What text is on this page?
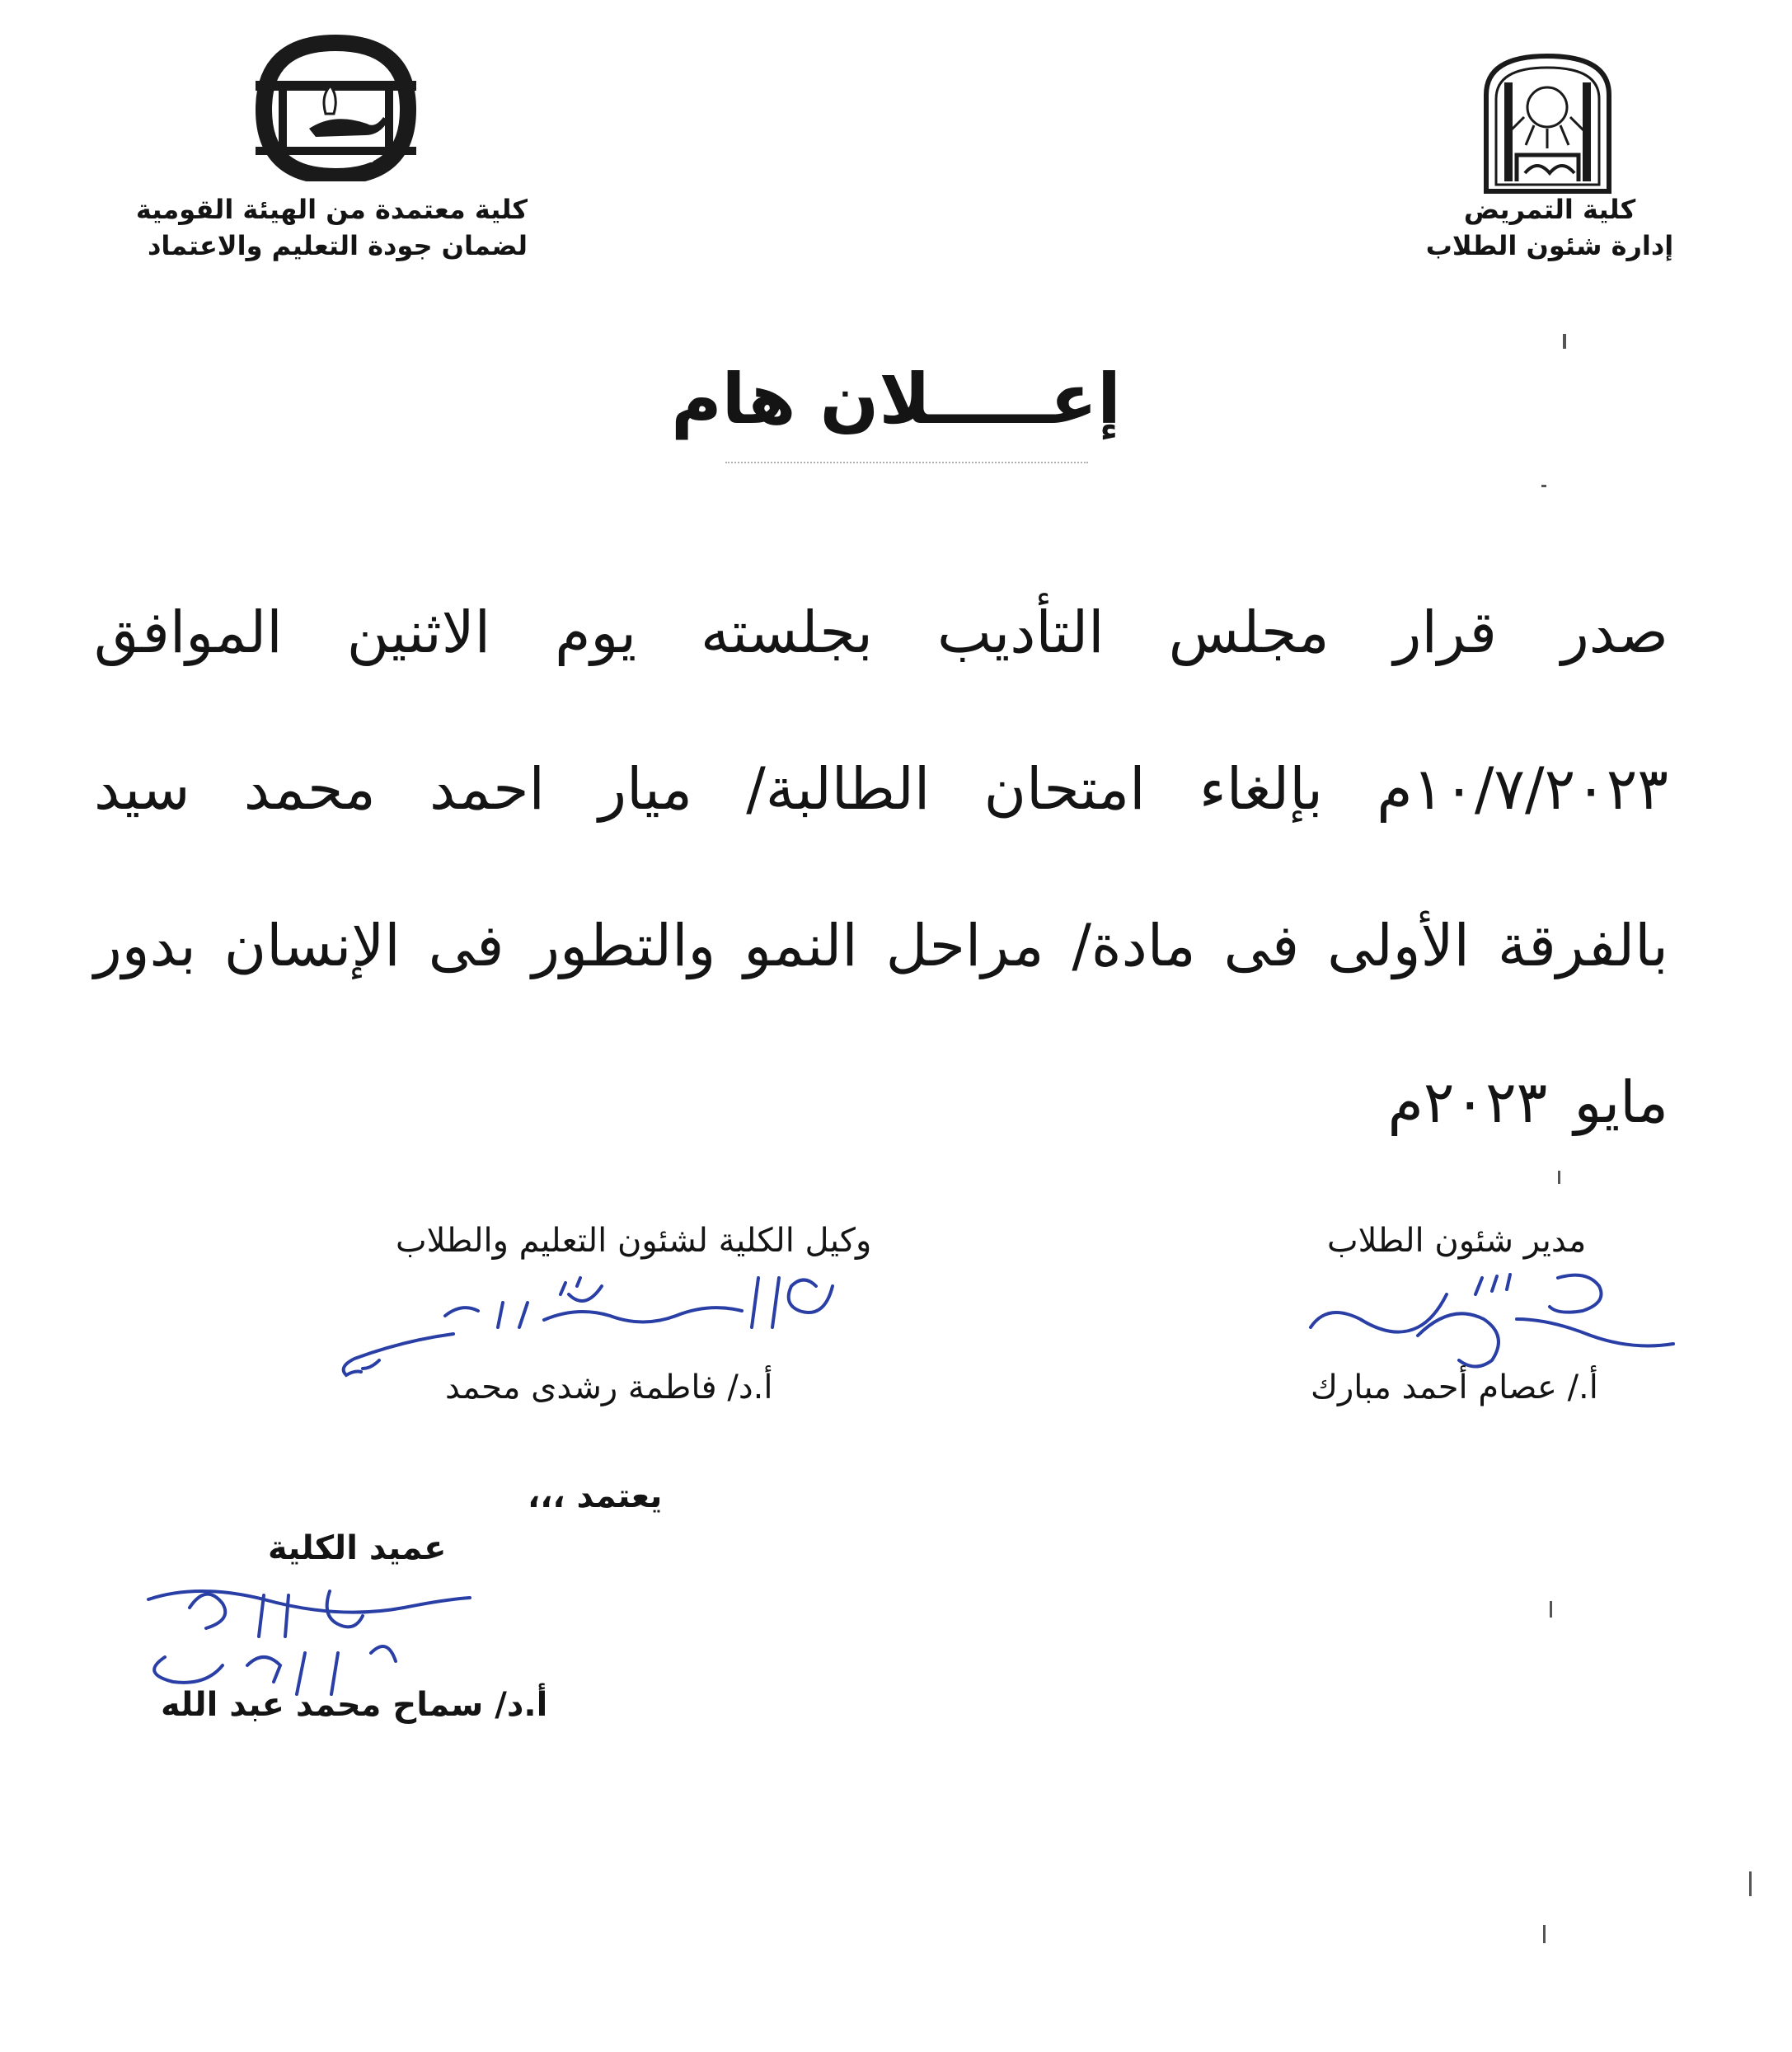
كلية التمريض
إدارة شئون الطلاب
كلية معتمدة من الهيئة القومية
لضمان جودة التعليم والاعتماد
إعـــــلان هام
صدر قرار مجلس التأديب بجلسته يوم الاثنين الموافق ١٠/٧/٢٠٢٣م بإلغاء امتحان الطالبة/ ميار احمد محمد سيد بالفرقة الأولى فى مادة/ مراحل النمو والتطور فى الإنسان بدور مايو ٢٠٢٣م
مدير شئون الطلاب
أ./ عصام أحمد مبارك
وكيل الكلية لشئون التعليم والطلاب
أ.د/ فاطمة رشدى محمد
يعتمد ،،،
عميد الكلية
أ.د/ سماح محمد عبد الله
